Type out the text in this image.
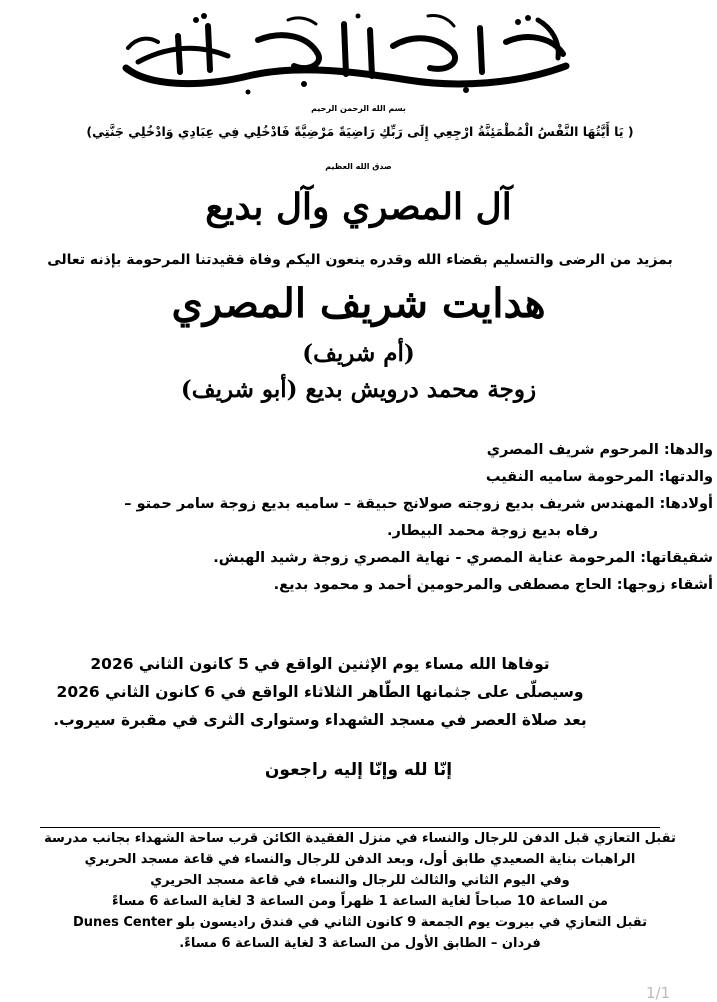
بسم الله الرحمن الرحيم
( يَا أَيَّتُهَا النَّفْسُ الْمُطْمَئِنَّةُ ارْجِعِي إِلَى رَبِّكِ رَاضِيَةً مَرْضِيَّةً فَادْخُلِي فِي عِبَادِي وَادْخُلِي جَنَّتِي)
صدق الله العظيم
آل المصري وآل بديع
بمزيد من الرضى والتسليم بقضاء الله وقدره ينعون اليكم وفاة فقيدتنا المرحومة بإذنه تعالى
هدايت شريف المصري
(أم شريف)
زوجة محمد درويش بديع (أبو شريف)
والدها: المرحوم شريف المصري
والدتها: المرحومة ساميه النقيب
أولادها: المهندس شريف بديع زوجته صولانج حبيقة – ساميه بديع زوجة سامر حمتو –
رفاه بديع زوجة محمد البيطار.
شقيقاتها: المرحومة عناية المصري - نهاية المصري زوجة رشيد الهبش.
أشقاء زوجها: الحاج مصطفى والمرحومين أحمد و محمود بديع.
توفاها الله مساء يوم الإثنين الواقع في 5 كانون الثاني 2026
وسيصلّى على جثمانها الطّاهر الثلاثاء الواقع في 6 كانون الثاني 2026
بعد صلاة العصر في مسجد الشهداء وستوارى الثرى في مقبرة سيروب.
إنّا لله وإنّا إليه راجعون
تقبل التعازي قبل الدفن للرجال والنساء في منزل الفقيدة الكائن قرب ساحة الشهداء بجانب مدرسة
الراهبات بناية الصعيدي طابق أول، وبعد الدفن للرجال والنساء في قاعة مسجد الحريري
وفي اليوم الثاني والثالث للرجال والنساء في قاعة مسجد الحريري
من الساعة 10 صباحاً لغاية الساعة 1 ظهراً ومن الساعة 3 لغاية الساعة 6 مساءً
تقبل التعازي في بيروت يوم الجمعة 9 كانون الثاني في فندق راديسون بلو Dunes Center
فردان – الطابق الأول من الساعة 3 لغاية الساعة 6 مساءً.
1/1
